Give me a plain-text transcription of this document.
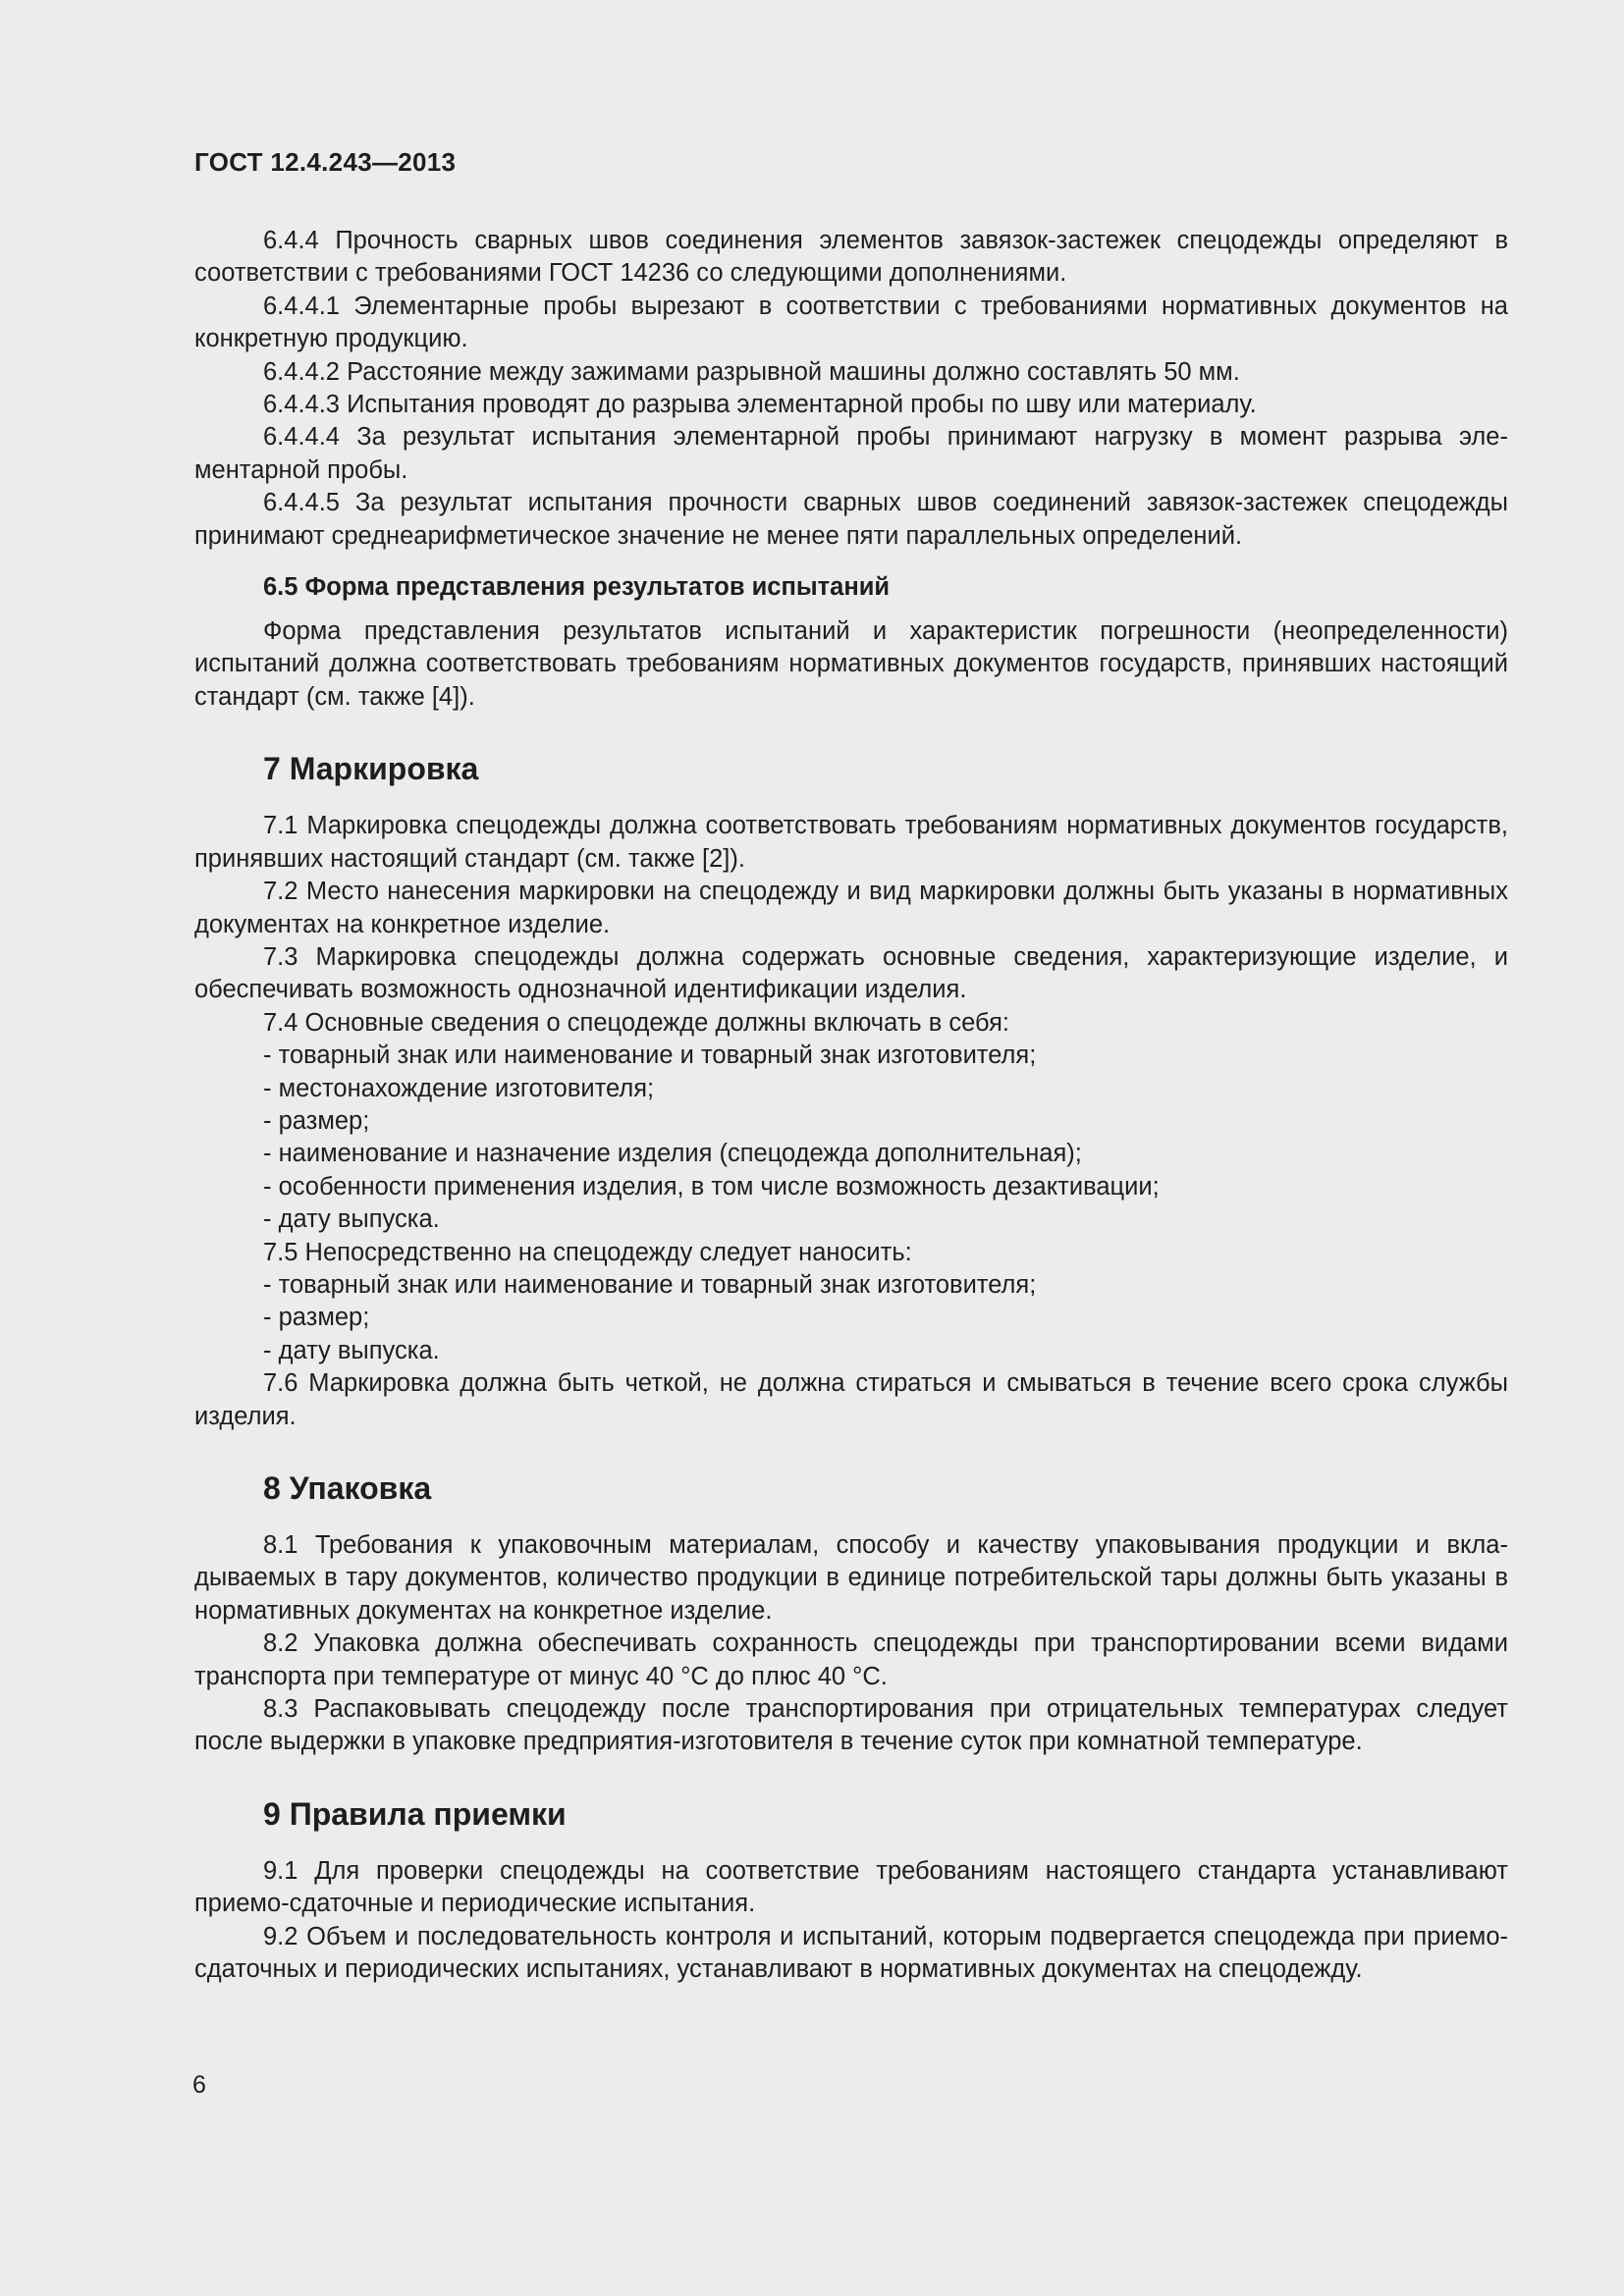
ГОСТ 12.4.243—2013

6.4.4 Прочность сварных швов соединения элементов завязок-застежек спецодежды определяют в соответствии с требованиями ГОСТ 14236 со следующими дополнениями.

6.4.4.1 Элементарные пробы вырезают в соответствии с требованиями нормативных документов на конкретную продукцию.

6.4.4.2 Расстояние между зажимами разрывной машины должно составлять 50 мм.

6.4.4.3 Испытания проводят до разрыва элементарной пробы по шву или материалу.

6.4.4.4 За результат испытания элементарной пробы принимают нагрузку в момент разрыва элементарной пробы.

6.4.4.5 За результат испытания прочности сварных швов соединений завязок-застежек спецодежды принимают среднеарифметическое значение не менее пяти параллельных определений.

6.5 Форма представления результатов испытаний

Форма представления результатов испытаний и характеристик погрешности (неопределенности) испытаний должна соответствовать требованиям нормативных документов государств, принявших настоящий стандарт (см. также [4]).

7 Маркировка

7.1 Маркировка спецодежды должна соответствовать требованиям нормативных документов государств, принявших настоящий стандарт (см. также [2]).

7.2 Место нанесения маркировки на спецодежду и вид маркировки должны быть указаны в нормативных документах на конкретное изделие.

7.3 Маркировка спецодежды должна содержать основные сведения, характеризующие изделие, и обеспечивать возможность однозначной идентификации изделия.

7.4 Основные сведения о спецодежде должны включать в себя:

- товарный знак или наименование и товарный знак изготовителя;

- местонахождение изготовителя;

- размер;

- наименование и назначение изделия (спецодежда дополнительная);

- особенности применения изделия, в том числе возможность дезактивации;

- дату выпуска.

7.5 Непосредственно на спецодежду следует наносить:

- товарный знак или наименование и товарный знак изготовителя;

- размер;

- дату выпуска.

7.6 Маркировка должна быть четкой, не должна стираться и смываться в течение всего срока службы изделия.

8 Упаковка

8.1 Требования к упаковочным материалам, способу и качеству упаковывания продукции и вкладываемых в тару документов, количество продукции в единице потребительской тары должны быть указаны в нормативных документах на конкретное изделие.

8.2 Упаковка должна обеспечивать сохранность спецодежды при транспортировании всеми видами транспорта при температуре от минус 40 °С до плюс 40 °С.

8.3 Распаковывать спецодежду после транспортирования при отрицательных температурах следует после выдержки в упаковке предприятия-изготовителя в течение суток при комнатной температуре.

9 Правила приемки

9.1 Для проверки спецодежды на соответствие требованиям настоящего стандарта устанавливают приемо-сдаточные и периодические испытания.

9.2 Объем и последовательность контроля и испытаний, которым подвергается спецодежда при приемо-сдаточных и периодических испытаниях, устанавливают в нормативных документах на спецодежду.

6
